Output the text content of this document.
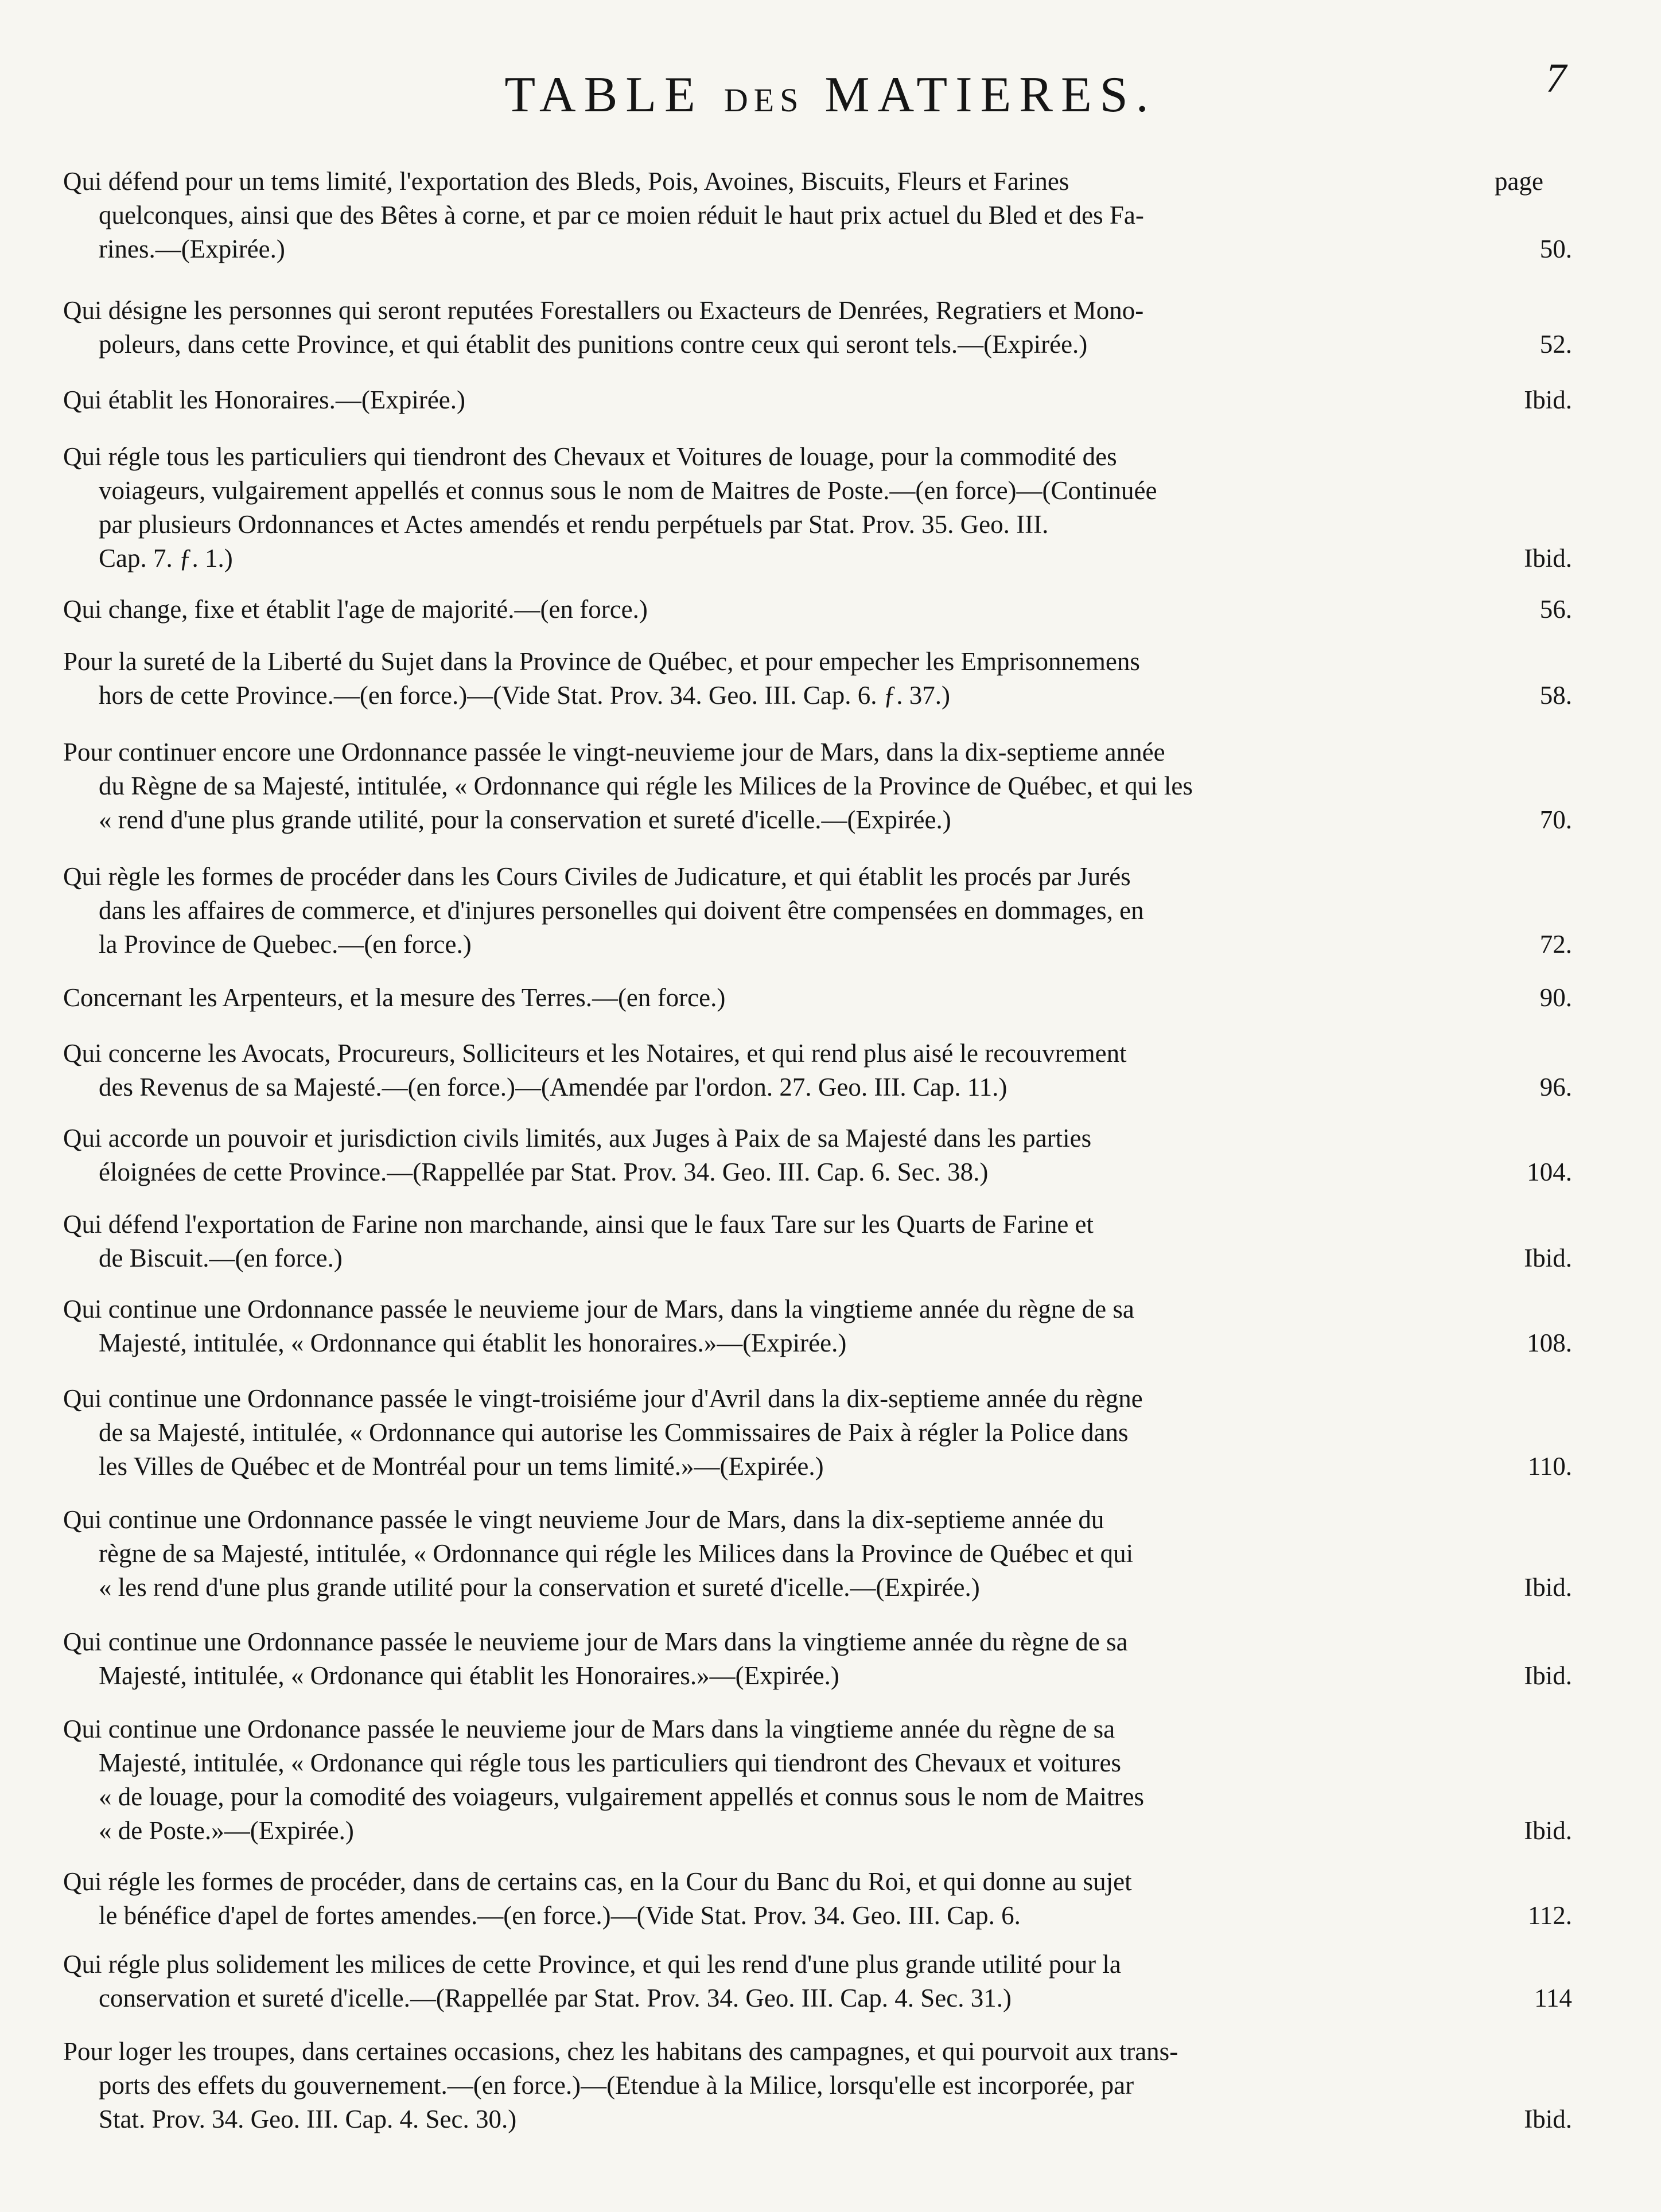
7
TABLE DES MATIERES.
Qui défend pour un tems limité, l'exportation des Bleds, Pois, Avoines, Biscuits, Fleurs et Farines
quelconques, ainsi que des Bêtes à corne, et par ce moien réduit le haut prix actuel du Bled et des Fa-
rines.—(Expirée.)	50.
page
Qui désigne les personnes qui seront reputées Forestallers ou Exacteurs de Denrées, Regratiers et Mono-
poleurs, dans cette Province, et qui établit des punitions contre ceux qui seront tels.—(Expirée.)	52.
Qui établit les Honoraires.—(Expirée.)	Ibid.
Qui régle tous les particuliers qui tiendront des Chevaux et Voitures de louage, pour la commodité des
voiageurs, vulgairement appellés et connus sous le nom de Maitres de Poste.—(en force)—(Continuée
par plusieurs Ordonnances et Actes amendés et rendu perpétuels par Stat. Prov. 35. Geo. III.
Cap. 7. ƒ. 1.)	Ibid.
Qui change, fixe et établit l'age de majorité.—(en force.)	56.
Pour la sureté de la Liberté du Sujet dans la Province de Québec, et pour empecher les Emprisonnemens
hors de cette Province.—(en force.)—(Vide Stat. Prov. 34. Geo. III. Cap. 6. ƒ. 37.)	58.
Pour continuer encore une Ordonnance passée le vingt-neuvieme jour de Mars, dans la dix-septieme année
du Règne de sa Majesté, intitulée, « Ordonnance qui régle les Milices de la Province de Québec, et qui les
« rend d'une plus grande utilité, pour la conservation et sureté d'icelle.—(Expirée.)	70.
Qui règle les formes de procéder dans les Cours Civiles de Judicature, et qui établit les procés par Jurés
dans les affaires de commerce, et d'injures personelles qui doivent être compensées en dommages, en
la Province de Quebec.—(en force.)	72.
Concernant les Arpenteurs, et la mesure des Terres.—(en force.)	90.
Qui concerne les Avocats, Procureurs, Solliciteurs et les Notaires, et qui rend plus aisé le recouvrement
des Revenus de sa Majesté.—(en force.)—(Amendée par l'ordon. 27. Geo. III. Cap. 11.)	96.
Qui accorde un pouvoir et jurisdiction civils limités, aux Juges à Paix de sa Majesté dans les parties
éloignées de cette Province.—(Rappellée par Stat. Prov. 34. Geo. III. Cap. 6. Sec. 38.)	104.
Qui défend l'exportation de Farine non marchande, ainsi que le faux Tare sur les Quarts de Farine et
de Biscuit.—(en force.)	Ibid.
Qui continue une Ordonnance passée le neuvieme jour de Mars, dans la vingtieme année du règne de sa
Majesté, intitulée, « Ordonnance qui établit les honoraires.»—(Expirée.)	108.
Qui continue une Ordonnance passée le vingt-troisiéme jour d'Avril dans la dix-septieme année du règne
de sa Majesté, intitulée, « Ordonnance qui autorise les Commissaires de Paix à régler la Police dans
les Villes de Québec et de Montréal pour un tems limité.»—(Expirée.)	110.
Qui continue une Ordonnance passée le vingt neuvieme Jour de Mars, dans la dix-septieme année du
règne de sa Majesté, intitulée, « Ordonnance qui régle les Milices dans la Province de Québec et qui
« les rend d'une plus grande utilité pour la conservation et sureté d'icelle.—(Expirée.)	Ibid.
Qui continue une Ordonnance passée le neuvieme jour de Mars dans la vingtieme année du règne de sa
Majesté, intitulée, « Ordonance qui établit les Honoraires.»—(Expirée.)	Ibid.
Qui continue une Ordonance passée le neuvieme jour de Mars dans la vingtieme année du règne de sa
Majesté, intitulée, « Ordonance qui régle tous les particuliers qui tiendront des Chevaux et voitures
« de louage, pour la comodité des voiageurs, vulgairement appellés et connus sous le nom de Maitres
« de Poste.»—(Expirée.)	Ibid.
Qui régle les formes de procéder, dans de certains cas, en la Cour du Banc du Roi, et qui donne au sujet
le bénéfice d'apel de fortes amendes.—(en force.)—(Vide Stat. Prov. 34. Geo. III. Cap. 6.	112.
Qui régle plus solidement les milices de cette Province, et qui les rend d'une plus grande utilité pour la
conservation et sureté d'icelle.—(Rappellée par Stat. Prov. 34. Geo. III. Cap. 4. Sec. 31.)	114
Pour loger les troupes, dans certaines occasions, chez les habitans des campagnes, et qui pourvoit aux trans-
ports des effets du gouvernement.—(en force.)—(Etendue à la Milice, lorsqu'elle est incorporée, par
Stat. Prov. 34. Geo. III. Cap. 4. Sec. 30.)	Ibid.
